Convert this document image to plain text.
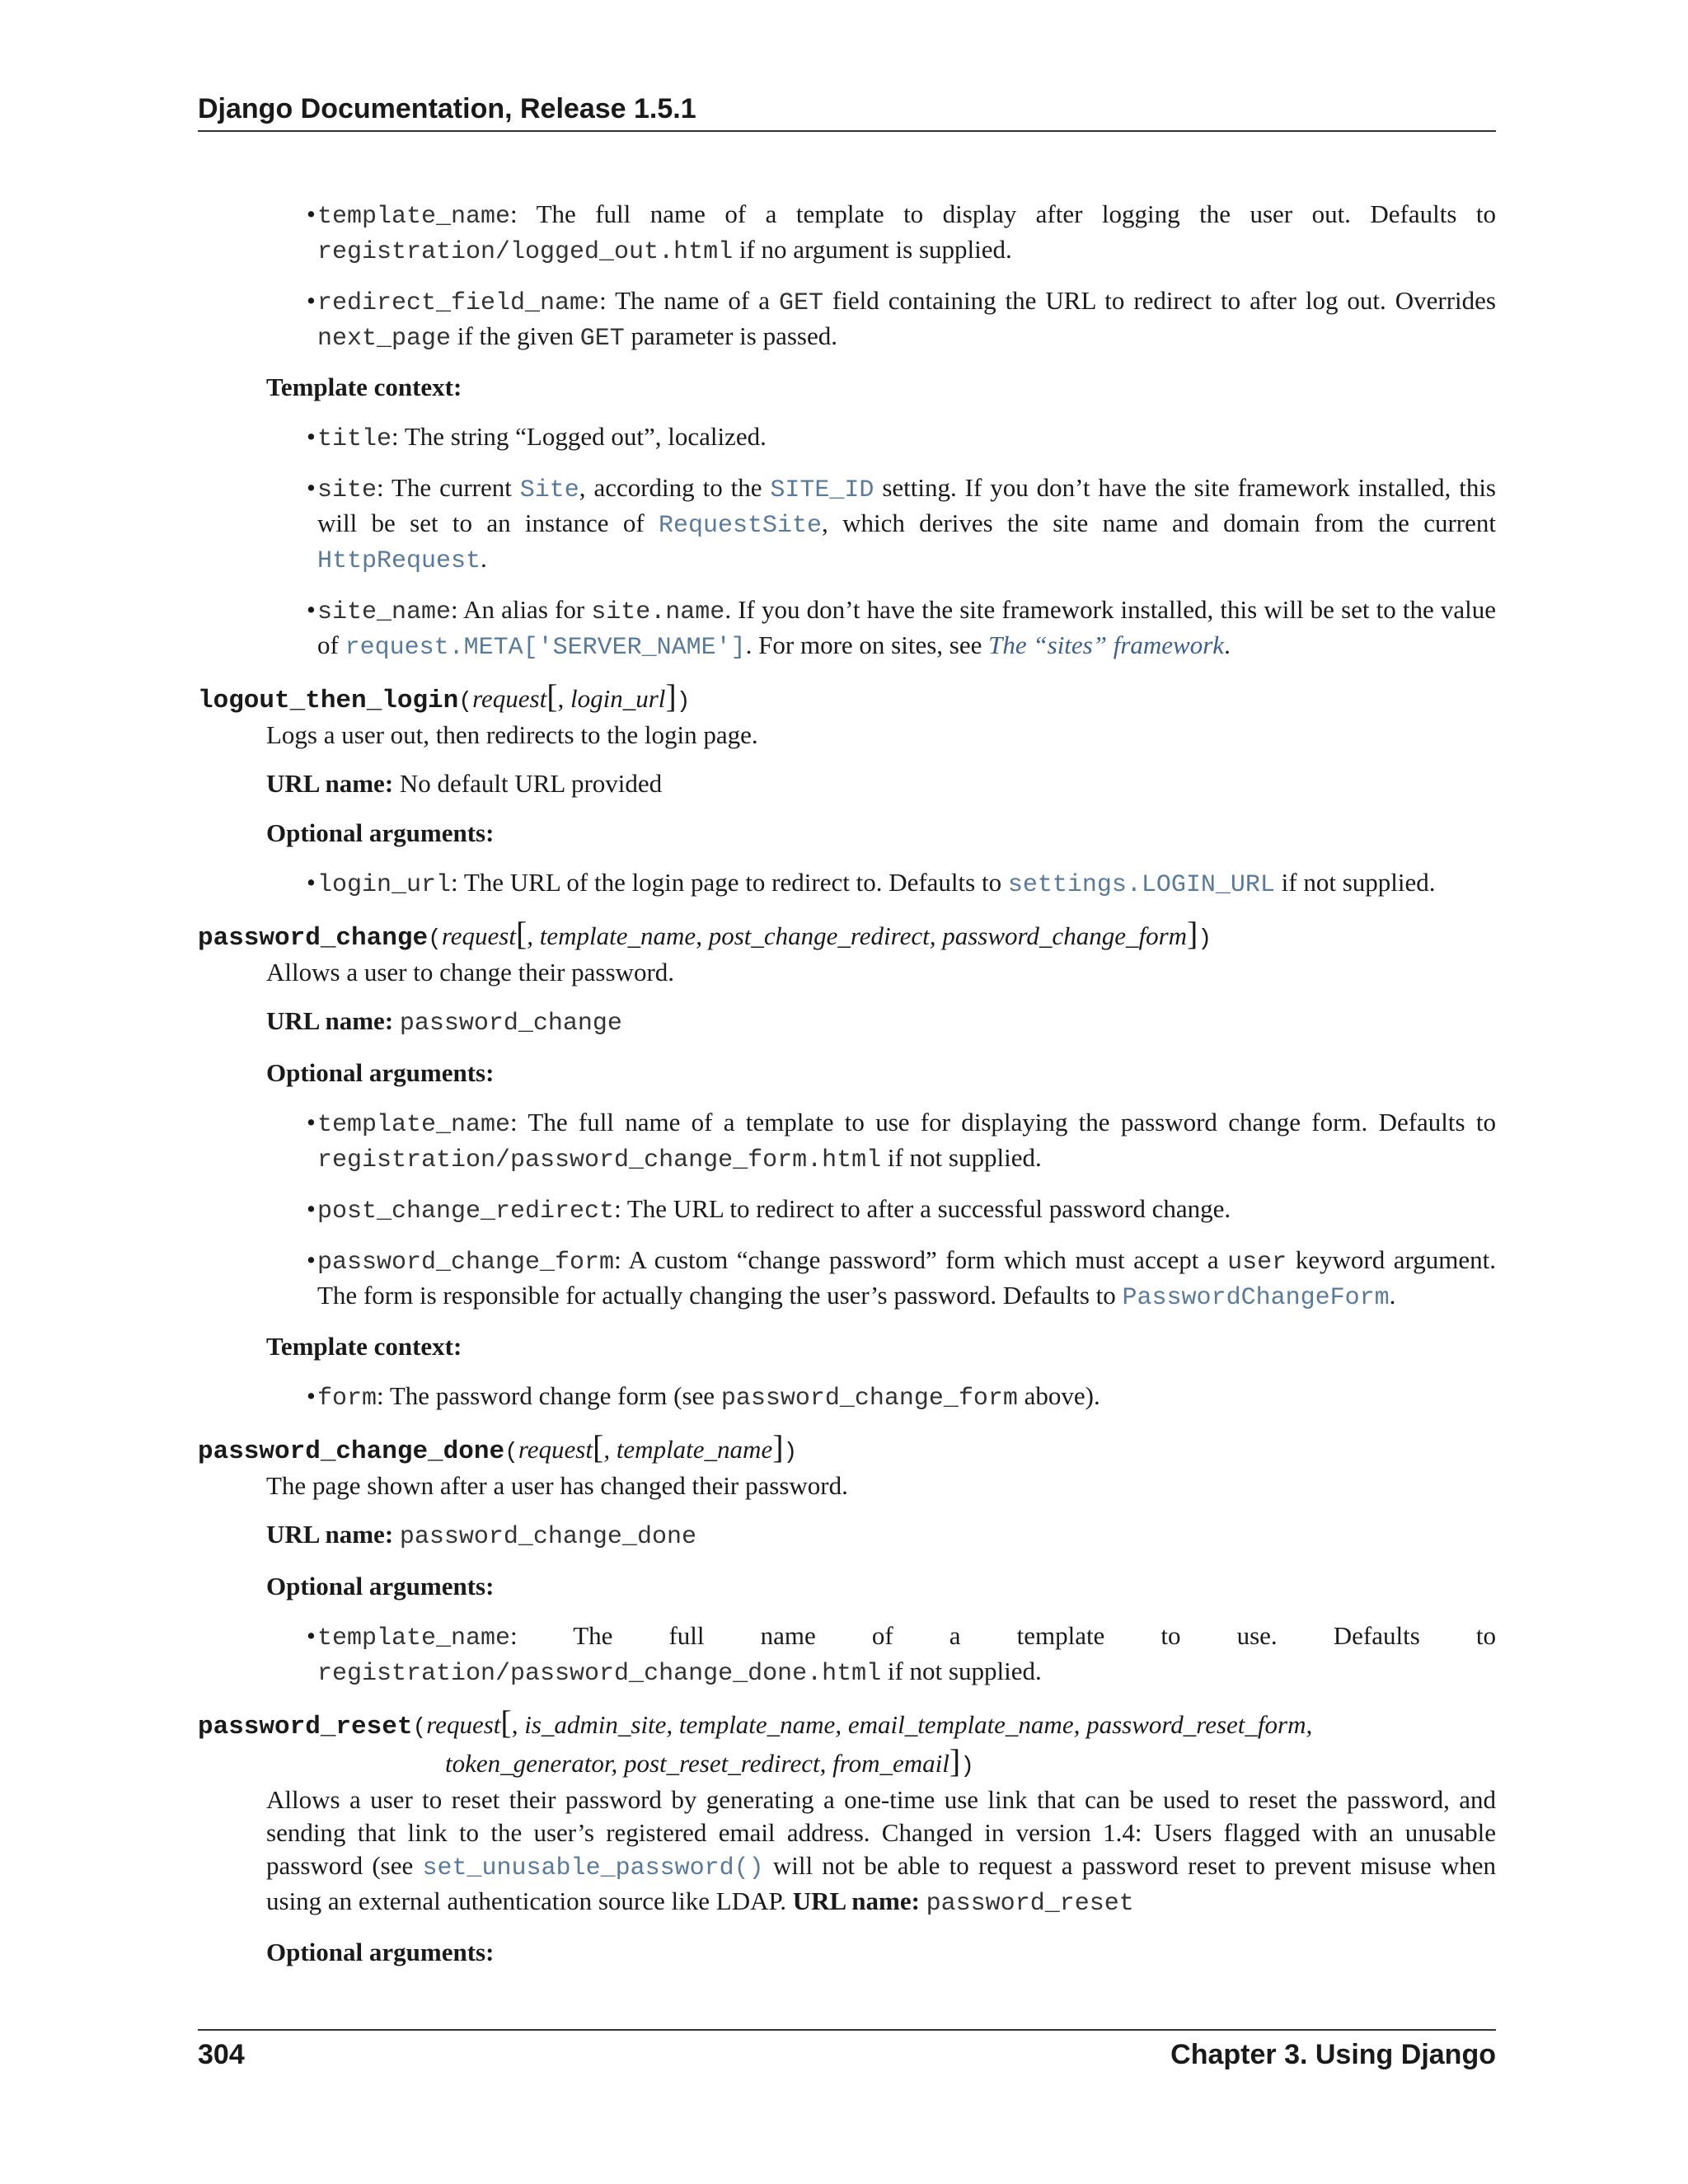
Django Documentation, Release 1.5.1
• template_name: The full name of a template to display after logging the user out. Defaults to registration/logged_out.html if no argument is supplied.
• redirect_field_name: The name of a GET field containing the URL to redirect to after log out. Overrides next_page if the given GET parameter is passed.
Template context:
• title: The string “Logged out”, localized.
• site: The current Site, according to the SITE_ID setting. If you don’t have the site framework installed, this will be set to an instance of RequestSite, which derives the site name and domain from the current HttpRequest.
• site_name: An alias for site.name. If you don’t have the site framework installed, this will be set to the value of request.META['SERVER_NAME']. For more on sites, see The “sites” framework.
logout_then_login(request[, login_url])
Logs a user out, then redirects to the login page.
URL name: No default URL provided
Optional arguments:
• login_url: The URL of the login page to redirect to. Defaults to settings.LOGIN_URL if not supplied.
password_change(request[, template_name, post_change_redirect, password_change_form])
Allows a user to change their password.
URL name: password_change
Optional arguments:
• template_name: The full name of a template to use for displaying the password change form. Defaults to registration/password_change_form.html if not supplied.
• post_change_redirect: The URL to redirect to after a successful password change.
• password_change_form: A custom “change password” form which must accept a user keyword argument. The form is responsible for actually changing the user’s password. Defaults to PasswordChangeForm.
Template context:
• form: The password change form (see password_change_form above).
password_change_done(request[, template_name])
The page shown after a user has changed their password.
URL name: password_change_done
Optional arguments:
• template_name: The full name of a template to use. Defaults to registration/password_change_done.html if not supplied.
password_reset(request[, is_admin_site, template_name, email_template_name, password_reset_form,
token_generator, post_reset_redirect, from_email])
Allows a user to reset their password by generating a one-time use link that can be used to reset the password, and sending that link to the user’s registered email address. Changed in version 1.4: Users flagged with an unusable password (see set_unusable_password() will not be able to request a password reset to prevent misuse when using an external authentication source like LDAP. URL name: password_reset
Optional arguments:
304	Chapter 3. Using Django
